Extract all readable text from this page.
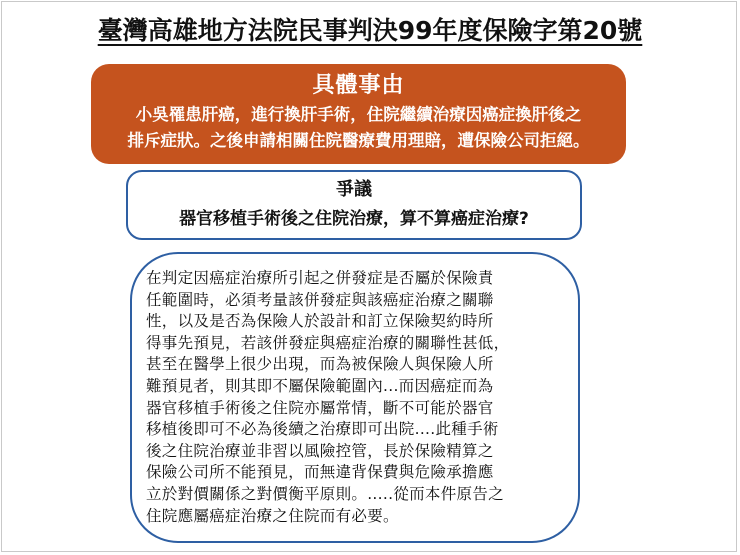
臺灣高雄地方法院民事判決99年度保險字第20號
具體事由
小吳罹患肝癌，進行換肝手術，住院繼續治療因癌症換肝後之
排斥症狀。之後申請相關住院醫療費用理賠，遭保險公司拒絕。
爭議
器官移植手術後之住院治療，算不算癌症治療?
在判定因癌症治療所引起之併發症是否屬於保險責
任範圍時，必須考量該併發症與該癌症治療之關聯
性，以及是否為保險人於設計和訂立保險契約時所
得事先預見，若該併發症與癌症治療的關聯性甚低，
甚至在醫學上很少出現，而為被保險人與保險人所
難預見者，則其即不屬保險範圍內...而因癌症而為
器官移植手術後之住院亦屬常情，斷不可能於器官
移植後即可不必為後續之治療即可出院....此種手術
後之住院治療並非習以風險控管，長於保險精算之
保險公司所不能預見，而無違背保費與危險承擔應
立於對價關係之對價衡平原則。.....從而本件原告之
住院應屬癌症治療之住院而有必要。
